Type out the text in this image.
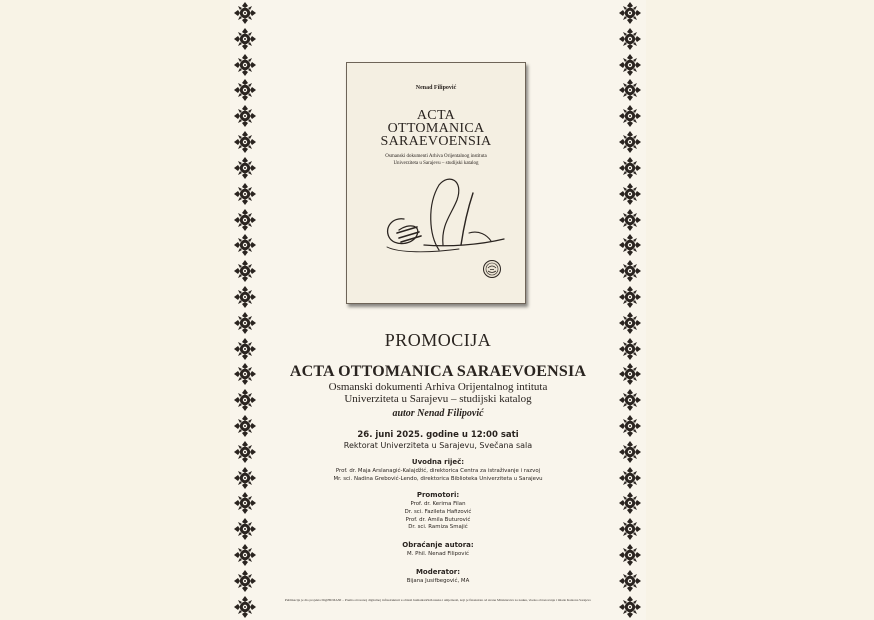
Nenad Filipović
ACTA
OTTOMANICA
SARAEVOENSIA
Osmanski dokumenti Arhiva Orijentalnog instituta
Univerziteta u Sarajevu – studijski katalog
PROMOCIJA
ACTA OTTOMANICA SARAEVOENSIA
Osmanski dokumenti Arhiva Orijentalnog intituta
Univerziteta u Sarajevu – studijski katalog
autor Nenad Filipović
26. juni 2025. godine u 12:00 sati
Rektorat Univerziteta u Sarajevu, Svečana sala
Uvodna riječ:
Prof. dr. Maja Arslanagić-Kalajdžić, direktorica Centra za istraživanje i razvoj
Mr. sci. Nadina Grebović-Lendo, direktorica Biblioteka Univerziteta u Sarajevu
Promotori:
Prof. dr. Kerima Filan
Dr. sci. Fazileta Hafizović
Prof. dr. Amila Buturović
Dr. sci. Ramiza Smajić
Obraćanje autora:
M. Phil. Nenad Filipović
Moderator:
Bijana Jusifbegović, MA
Publikacija je dio projekta DigiHUMANI – Prema otvorenoj digitalnoj infrastrukturi u oblasti humanističkih nauka i umjetnosti, koji je finansiran od strane Ministarstva za nauku, visoko obrazovanje i mlade Kantona Sarajevo
